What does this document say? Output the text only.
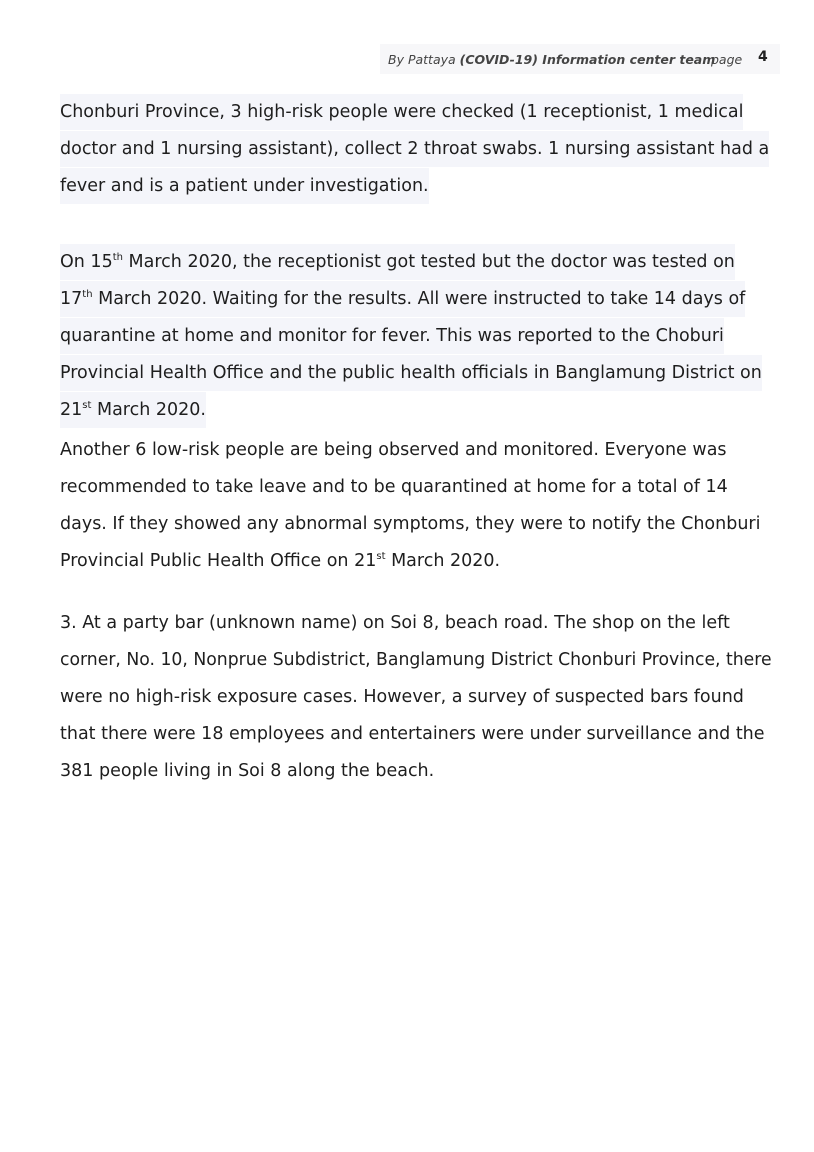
By Pattaya (COVID-19) Information center team
page 4
Chonburi Province, 3 high-risk people were checked (1 receptionist, 1 medical
doctor and 1 nursing assistant), collect 2 throat swabs. 1 nursing assistant had a
fever and is a patient under investigation.
On 15th March 2020, the receptionist got tested but the doctor was tested on
17th March 2020. Waiting for the results. All were instructed to take 14 days of
quarantine at home and monitor for fever. This was reported to the Choburi
Provincial Health Office and the public health officials in Banglamung District on
21st March 2020.
Another 6 low-risk people are being observed and monitored. Everyone was
recommended to take leave and to be quarantined at home for a total of 14
days. If they showed any abnormal symptoms, they were to notify the Chonburi
Provincial Public Health Office on 21st March 2020.
3. At a party bar (unknown name) on Soi 8, beach road. The shop on the left
corner, No. 10, Nonprue Subdistrict, Banglamung District Chonburi Province, there
were no high-risk exposure cases. However, a survey of suspected bars found
that there were 18 employees and entertainers were under surveillance and the
381 people living in Soi 8 along the beach.
